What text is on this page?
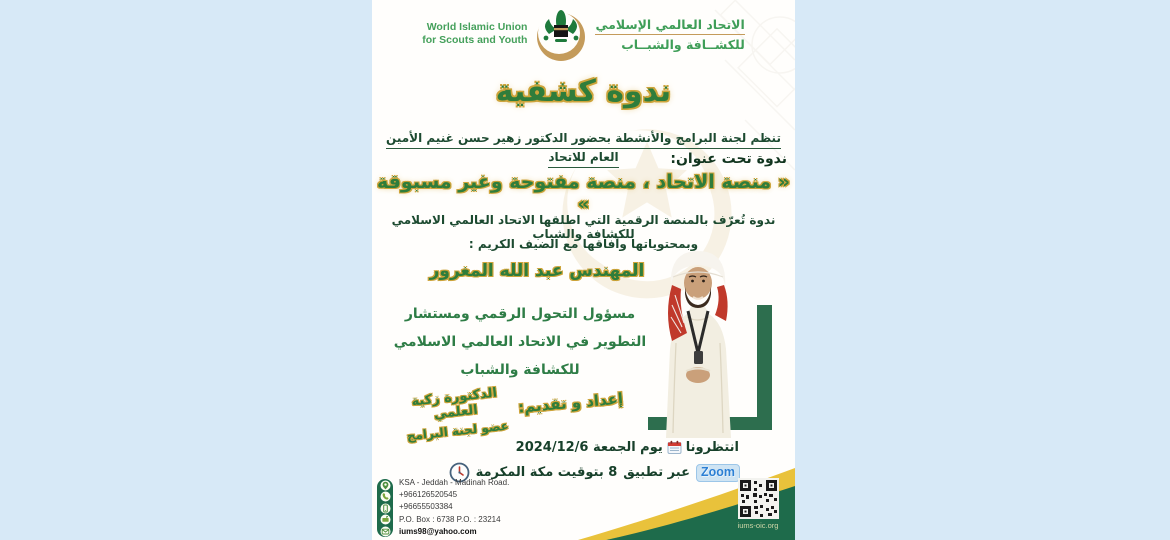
World Islamic Union
for Scouts and Youth
الاتحاد العالمي الإسلامي
للكشــافة والشبــاب
ندوة كشفية
تنظم لجنة البرامج والأنشطة بحضور الدكتور زهير حسن غنيم الأمين العام للاتحاد	ندوة تحت عنوان:
« منصة الاتحاد ، منصة مفتوحة وغير مسبوقة »
ندوة تُعرّف بالمنصة الرقمية التي اطلقها الاتحاد العالمي الاسلامي للكشافة والشباب
وبمحتوياتها وآفاقها مع الضيف الكريم :
المهندس عبد الله المغرور
مسؤول التحول الرقمي ومستشار
التطوير في الاتحاد العالمي الاسلامي
للكشافة والشباب
إعداد و تقديم:
الدكتورة زكية العلمي
عضو لجنة البرامج
يوم الجمعة 2024/12/6 انتظرونا
8 بتوقيت مكة المكرمة عبر تطبيق Zoom
KSA - Jeddah - Madinah Road.
+966126520545
+96655503384
P.O. Box : 6738 P.O. : 23214
iums98@yahoo.com
iums-oic.org
